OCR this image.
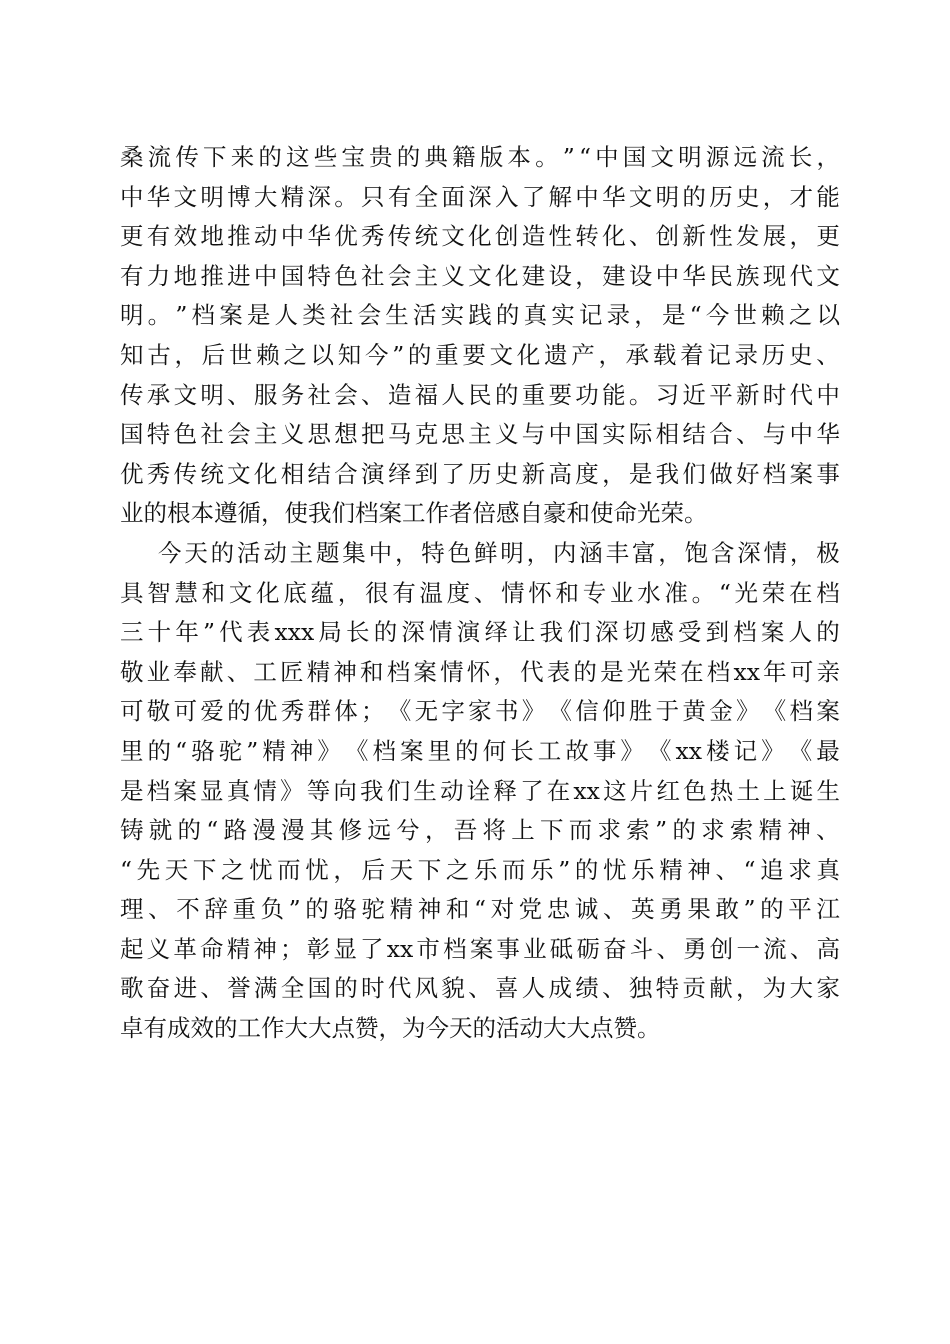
桑 流 传 下 来 的 这 些 宝 贵 的 典 籍 版 本 。 ” “ 中 国 文 明 源 远 流 长 ，
中 华 文 明 博 大 精 深 。 只 有 全 面 深 入 了 解 中 华 文 明 的 历 史 ， 才 能
更 有 效 地 推 动 中 华 优 秀 传 统 文 化 创 造 性 转 化 、 创 新 性 发 展 ， 更
有 力 地 推 进 中 国 特 色 社 会 主 义 文 化 建 设 ， 建 设 中 华 民 族 现 代 文
明 。 ” 档 案 是 人 类 社 会 生 活 实 践 的 真 实 记 录 ， 是 “ 今 世 赖 之 以
知 古 ， 后 世 赖 之 以 知 今 ” 的 重 要 文 化 遗 产 ， 承 载 着 记 录 历 史 、
传 承 文 明 、 服 务 社 会 、 造 福 人 民 的 重 要 功 能 。 习 近 平 新 时 代 中
国 特 色 社 会 主 义 思 想 把 马 克 思 主 义 与 中 国 实 际 相 结 合 、 与 中 华
优 秀 传 统 文 化 相 结 合 演 绎 到 了 历 史 新 高 度 ， 是 我 们 做 好 档 案 事
业的根本遵循，使我们档案工作者倍感自豪和使命光荣。
今 天 的 活 动 主 题 集 中 ， 特 色 鲜 明 ， 内 涵 丰 富 ， 饱 含 深 情 ， 极
具 智 慧 和 文 化 底 蕴 ， 很 有 温 度 、 情 怀 和 专 业 水 准 。 “ 光 荣 在 档
三 十 年 ” 代 表 xxx 局 长 的 深 情 演 绎 让 我 们 深 切 感 受 到 档 案 人 的
敬 业 奉 献 、 工 匠 精 神 和 档 案 情 怀 ， 代 表 的 是 光 荣 在 档 xx 年 可 亲
可 敬 可 爱 的 优 秀 群 体 ； 《 无 字 家 书 》 《 信 仰 胜 于 黄 金 》 《 档 案
里 的 “ 骆 驼 ” 精 神 》 《 档 案 里 的 何 长 工 故 事 》 《 xx 楼 记 》 《 最
是 档 案 显 真 情 》 等 向 我 们 生 动 诠 释 了 在 xx 这 片 红 色 热 土 上 诞 生
铸 就 的 “ 路 漫 漫 其 修 远 兮 ， 吾 将 上 下 而 求 索 ” 的 求 索 精 神 、
“ 先 天 下 之 忧 而 忧 ， 后 天 下 之 乐 而 乐 ” 的 忧 乐 精 神 、 “ 追 求 真
理 、 不 辞 重 负 ” 的 骆 驼 精 神 和 “ 对 党 忠 诚 、 英 勇 果 敢 ” 的 平 江
起 义 革 命 精 神 ； 彰 显 了 xx 市 档 案 事 业 砥 砺 奋 斗 、 勇 创 一 流 、 高
歌 奋 进 、 誉 满 全 国 的 时 代 风 貌 、 喜 人 成 绩 、 独 特 贡 献 ， 为 大 家
卓有成效的工作大大点赞，为今天的活动大大点赞。
